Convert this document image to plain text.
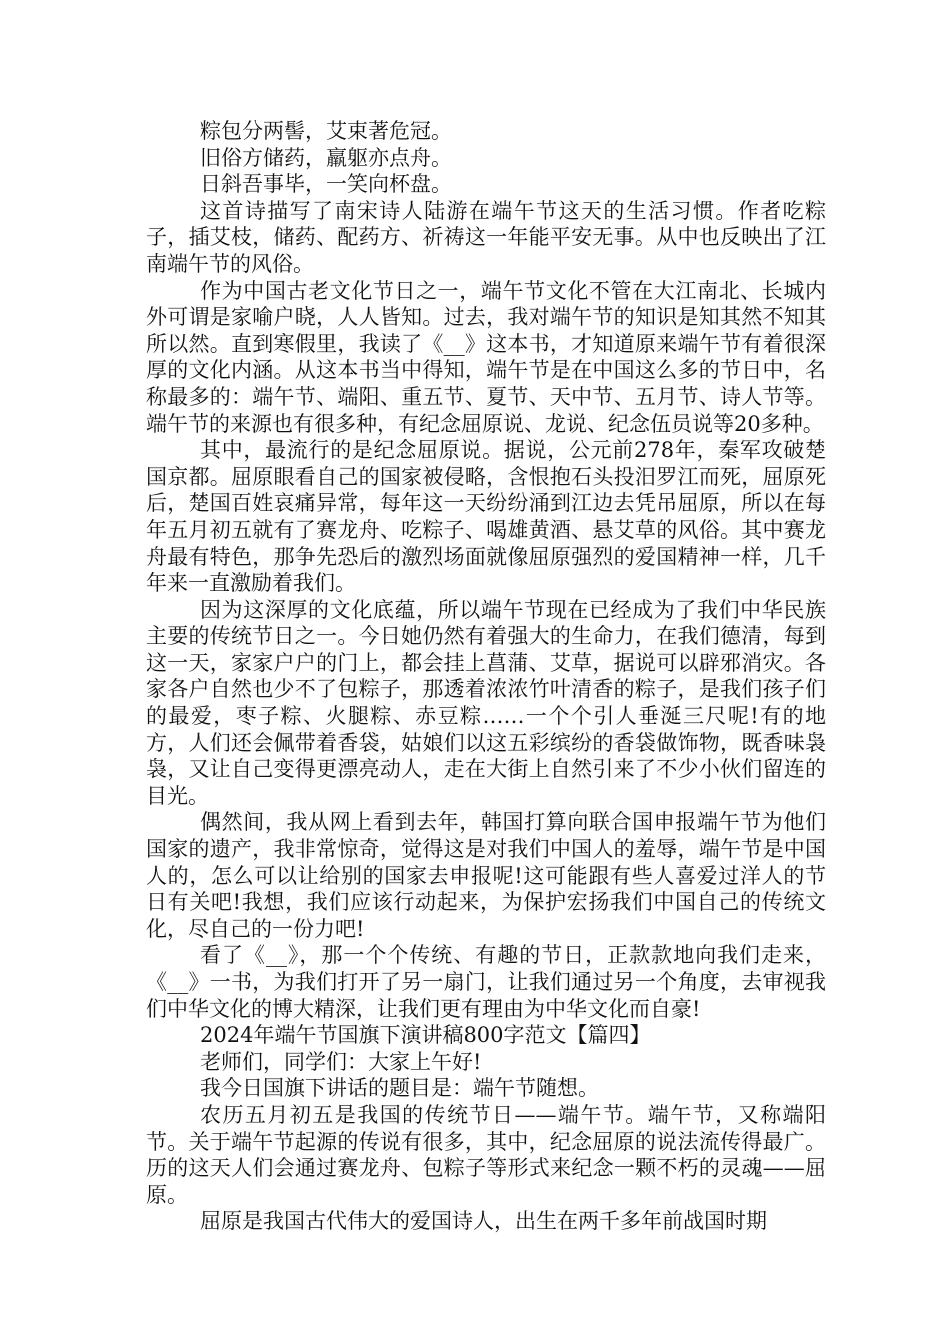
粽包分两髻，艾束著危冠。

旧俗方储药，羸躯亦点舟。

日斜吾事毕，一笑向杯盘。

这首诗描写了南宋诗人陆游在端午节这天的生活习惯。作者吃粽子，插艾枝，储药、配药方、祈祷这一年能平安无事。从中也反映出了江南端午节的风俗。

作为中国古老文化节日之一，端午节文化不管在大江南北、长城内外可谓是家喻户晓，人人皆知。过去，我对端午节的知识是知其然不知其所以然。直到寒假里，我读了《__》这本书，才知道原来端午节有着很深厚的文化内涵。从这本书当中得知，端午节是在中国这么多的节日中，名称最多的：端午节、端阳、重五节、夏节、天中节、五月节、诗人节等。端午节的来源也有很多种，有纪念屈原说、龙说、纪念伍员说等20多种。

其中，最流行的是纪念屈原说。据说，公元前278年，秦军攻破楚国京都。屈原眼看自己的国家被侵略，含恨抱石头投汨罗江而死，屈原死后，楚国百姓哀痛异常，每年这一天纷纷涌到江边去凭吊屈原，所以在每年五月初五就有了赛龙舟、吃粽子、喝雄黄酒、悬艾草的风俗。其中赛龙舟最有特色，那争先恐后的激烈场面就像屈原强烈的爱国精神一样，几千年来一直激励着我们。

因为这深厚的文化底蕴，所以端午节现在已经成为了我们中华民族主要的传统节日之一。今日她仍然有着强大的生命力，在我们德清，每到这一天，家家户户的门上，都会挂上菖蒲、艾草，据说可以辟邪消灾。各家各户自然也少不了包粽子，那透着浓浓竹叶清香的粽子，是我们孩子们的最爱，枣子粽、火腿粽、赤豆粽……一个个引人垂涎三尺呢!有的地方，人们还会佩带着香袋，姑娘们以这五彩缤纷的香袋做饰物，既香味袅袅，又让自己变得更漂亮动人，走在大街上自然引来了不少小伙们留连的目光。

偶然间，我从网上看到去年，韩国打算向联合国申报端午节为他们国家的遗产，我非常惊奇，觉得这是对我们中国人的羞辱，端午节是中国人的，怎么可以让给别的国家去申报呢!这可能跟有些人喜爱过洋人的节日有关吧!我想，我们应该行动起来，为保护宏扬我们中国自己的传统文化，尽自己的一份力吧!

看了《__》，那一个个传统、有趣的节日，正款款地向我们走来，《__》一书，为我们打开了另一扇门，让我们通过另一个角度，去审视我们中华文化的博大精深，让我们更有理由为中华文化而自豪!

2024年端午节国旗下演讲稿800字范文【篇四】

老师们，同学们：大家上午好!

我今日国旗下讲话的题目是：端午节随想。

农历五月初五是我国的传统节日——端午节。端午节，又称端阳节。关于端午节起源的传说有很多，其中，纪念屈原的说法流传得最广。历的这天人们会通过赛龙舟、包粽子等形式来纪念一颗不朽的灵魂——屈原。

屈原是我国古代伟大的爱国诗人，出生在两千多年前战国时期
